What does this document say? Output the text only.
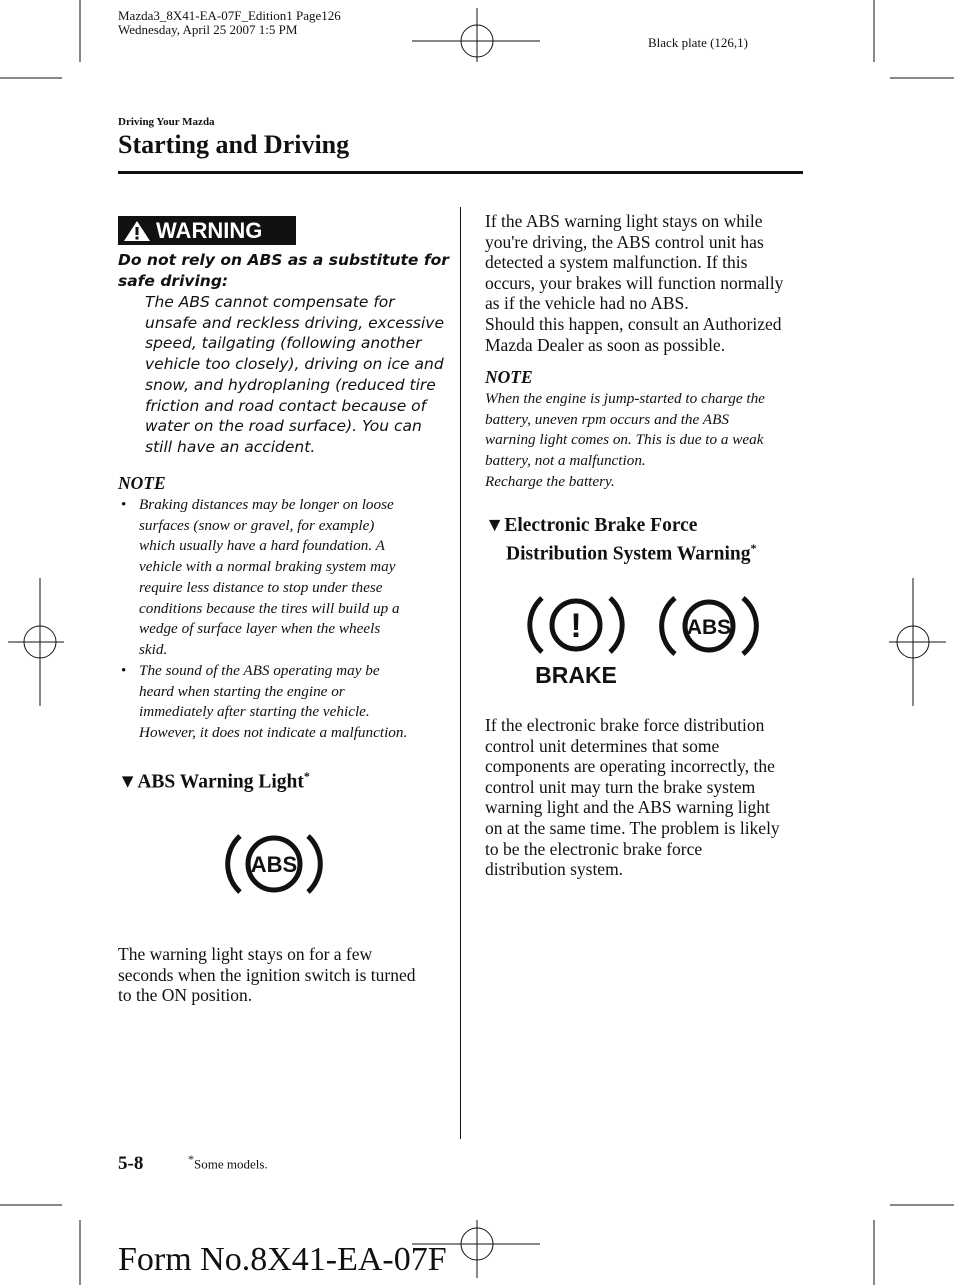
Mazda3_8X41-EA-07F_Edition1 Page126
Wednesday, April 25 2007 1:5 PM
Black plate (126,1)
Driving Your Mazda
Starting and Driving
WARNING
Do not rely on ABS as a substitute for
safe driving:
The ABS cannot compensate for
unsafe and reckless driving, excessive
speed, tailgating (following another
vehicle too closely), driving on ice and
snow, and hydroplaning (reduced tire
friction and road contact because of
water on the road surface). You can
still have an accident.
NOTE
• Braking distances may be longer on loose
surfaces (snow or gravel, for example)
which usually have a hard foundation. A
vehicle with a normal braking system may
require less distance to stop under these
conditions because the tires will build up a
wedge of surface layer when the wheels
skid.
• The sound of the ABS operating may be
heard when starting the engine or
immediately after starting the vehicle.
However, it does not indicate a malfunction.
▼ABS Warning Light*
ABS
The warning light stays on for a few
seconds when the ignition switch is turned
to the ON position.
If the ABS warning light stays on while
you're driving, the ABS control unit has
detected a system malfunction. If this
occurs, your brakes will function normally
as if the vehicle had no ABS.
Should this happen, consult an Authorized
Mazda Dealer as soon as possible.
NOTE
When the engine is jump-started to charge the
battery, uneven rpm occurs and the ABS
warning light comes on. This is due to a weak
battery, not a malfunction.
Recharge the battery.
▼Electronic Brake Force
Distribution System Warning*
!
BRAKE
ABS
If the electronic brake force distribution
control unit determines that some
components are operating incorrectly, the
control unit may turn the brake system
warning light and the ABS warning light
on at the same time. The problem is likely
to be the electronic brake force
distribution system.
5-8	*Some models.
Form No.8X41-EA-07F
